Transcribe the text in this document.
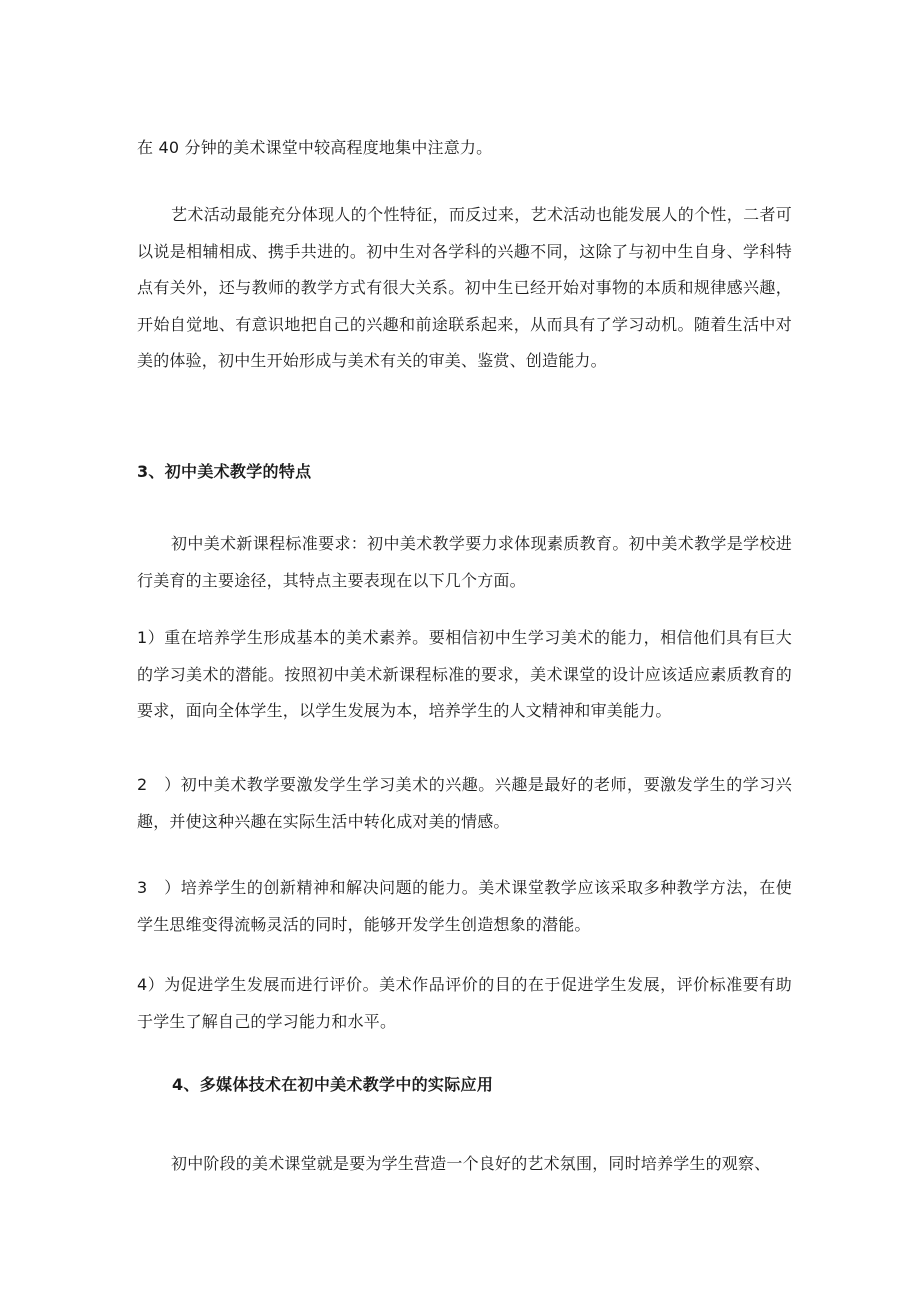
在 40 分钟的美术课堂中较高程度地集中注意力。

艺术活动最能充分体现人的个性特征，而反过来，艺术活动也能发展人的个性，二者可以说是相辅相成、携手共进的。初中生对各学科的兴趣不同，这除了与初中生自身、学科特点有关外，还与教师的教学方式有很大关系。初中生已经开始对事物的本质和规律感兴趣，开始自觉地、有意识地把自己的兴趣和前途联系起来，从而具有了学习动机。随着生活中对美的体验，初中生开始形成与美术有关的审美、鉴赏、创造能力。

3、初中美术教学的特点

初中美术新课程标准要求：初中美术教学要力求体现素质教育。初中美术教学是学校进行美育的主要途径，其特点主要表现在以下几个方面。

1）重在培养学生形成基本的美术素养。要相信初中生学习美术的能力，相信他们具有巨大的学习美术的潜能。按照初中美术新课程标准的要求，美术课堂的设计应该适应素质教育的要求，面向全体学生，以学生发展为本，培养学生的人文精神和审美能力。

2　）初中美术教学要激发学生学习美术的兴趣。兴趣是最好的老师，要激发学生的学习兴趣，并使这种兴趣在实际生活中转化成对美的情感。

3　）培养学生的创新精神和解决问题的能力。美术课堂教学应该采取多种教学方法，在使学生思维变得流畅灵活的同时，能够开发学生创造想象的潜能。

4）为促进学生发展而进行评价。美术作品评价的目的在于促进学生发展，评价标准要有助于学生了解自己的学习能力和水平。

4、多媒体技术在初中美术教学中的实际应用

初中阶段的美术课堂就是要为学生营造一个良好的艺术氛围，同时培养学生的观察、
